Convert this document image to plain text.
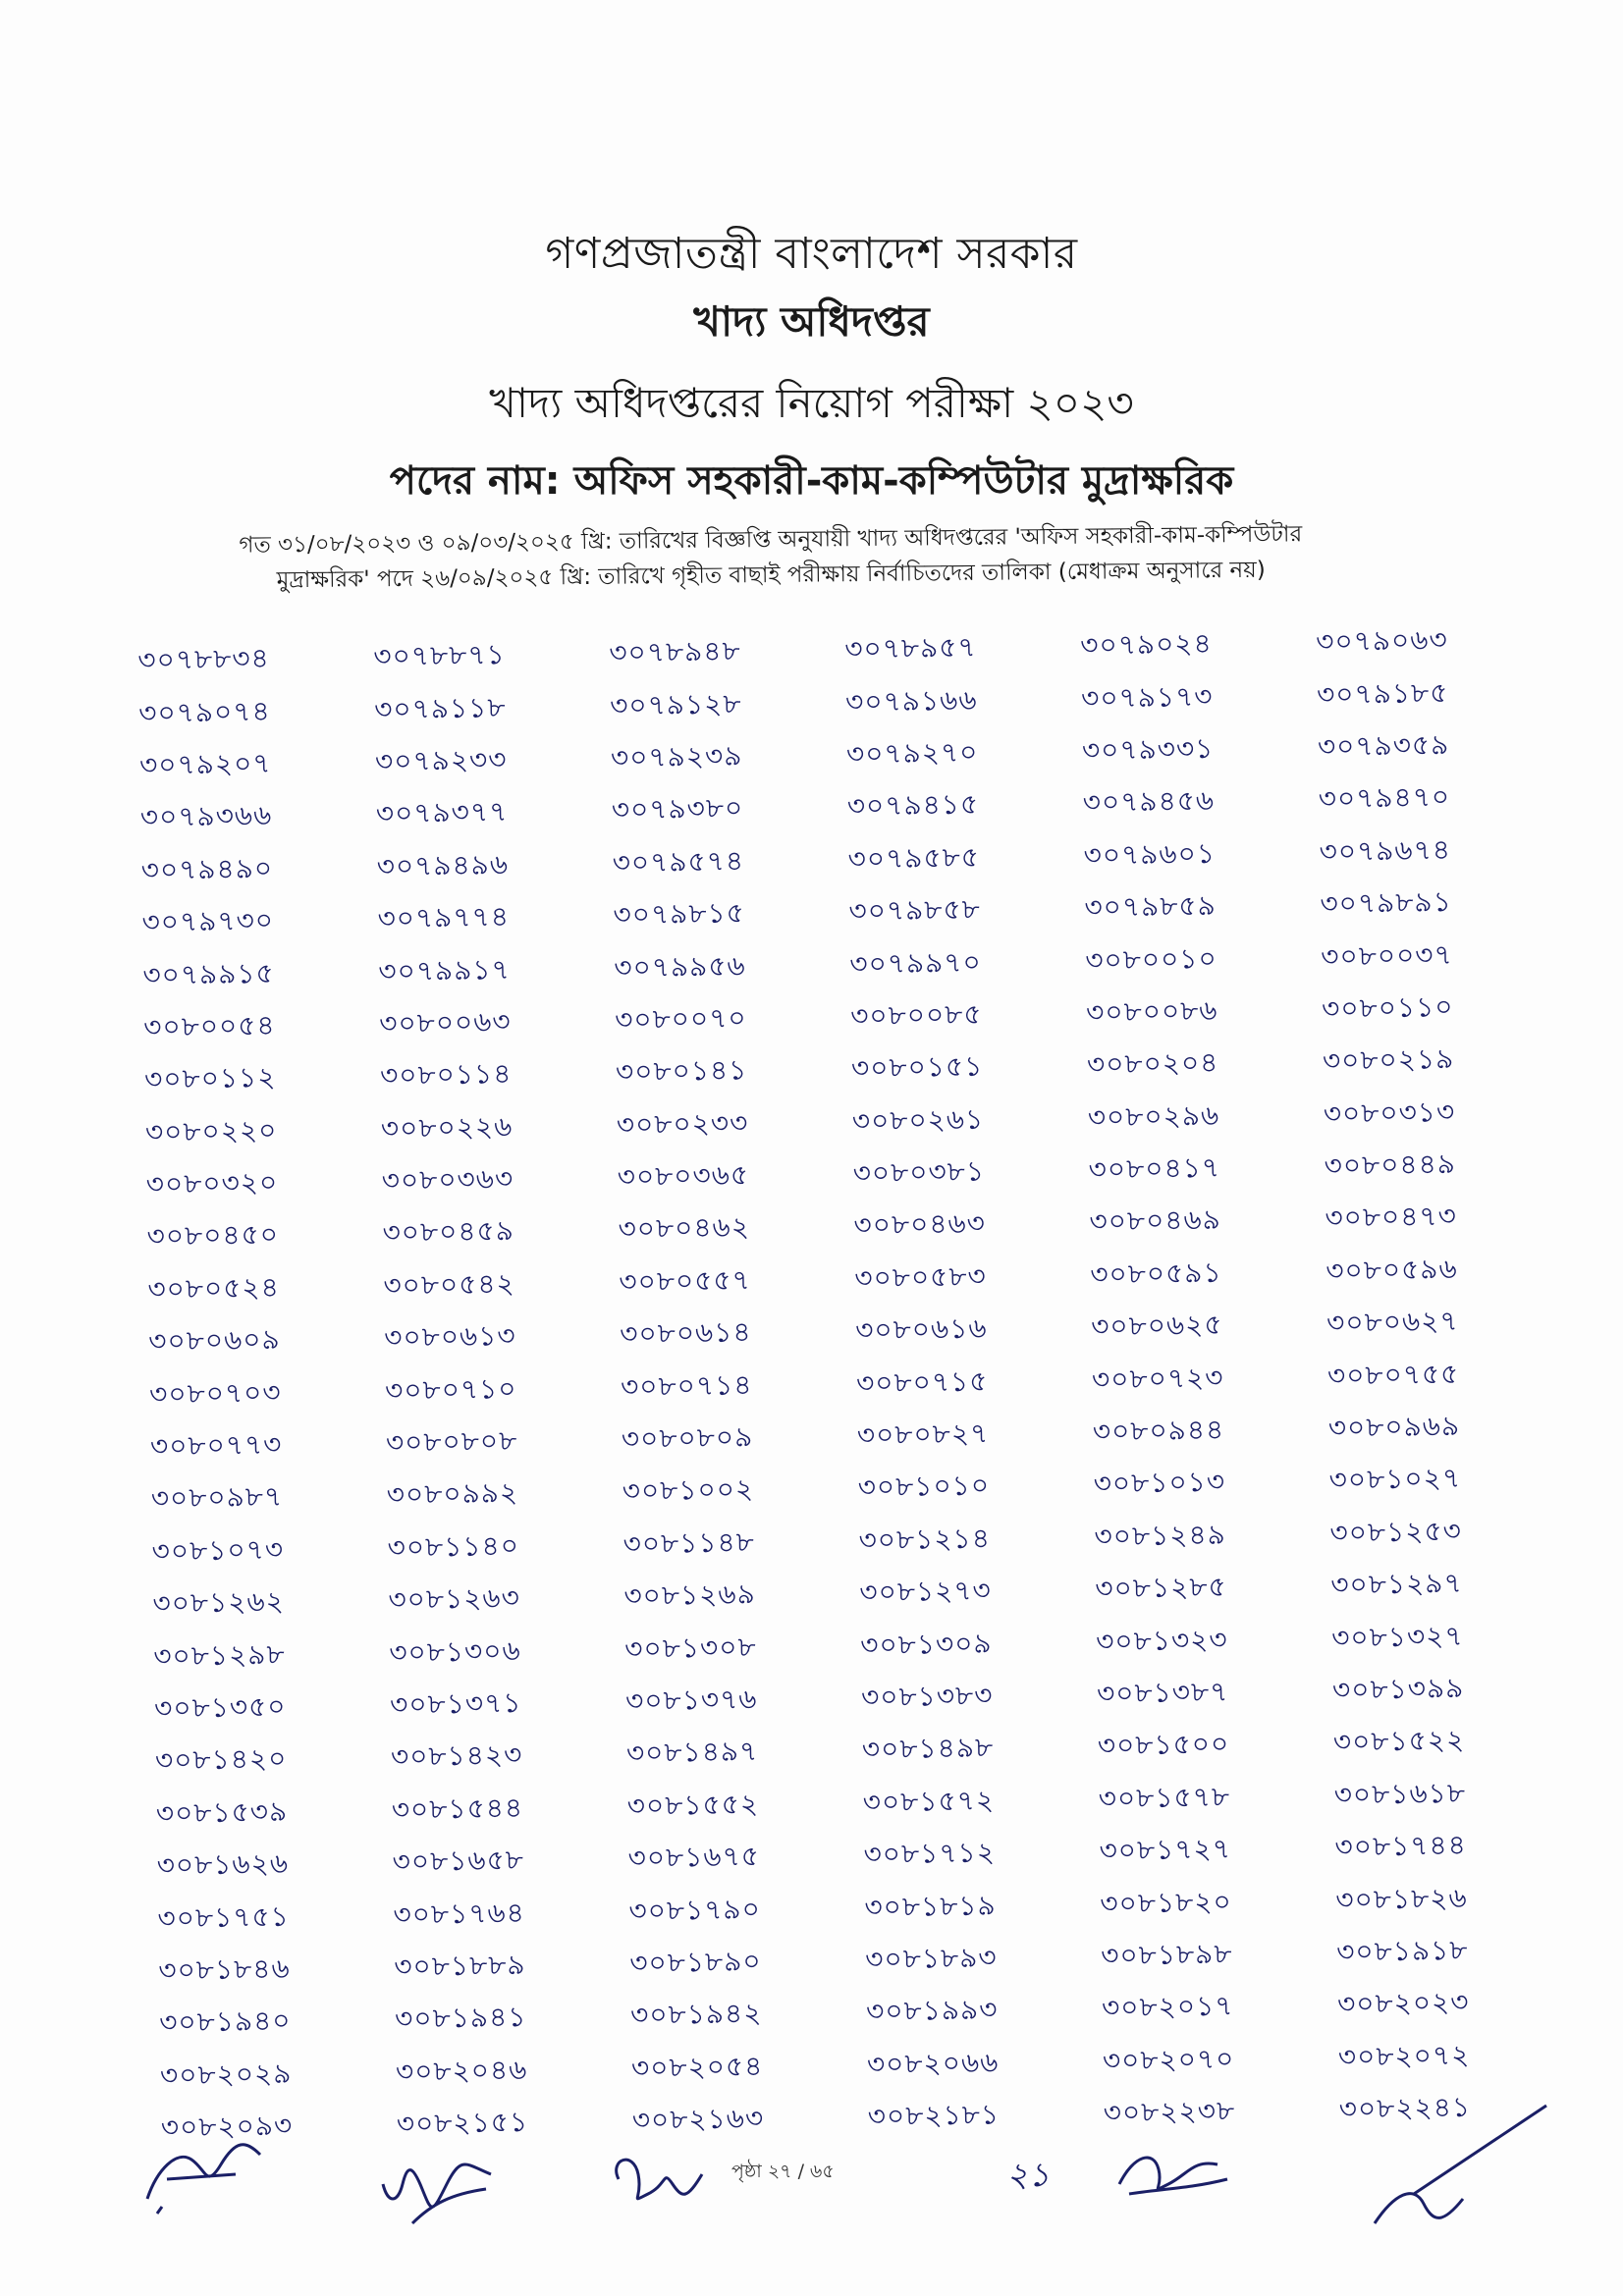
গণপ্রজাতন্ত্রী বাংলাদেশ সরকার
খাদ্য অধিদপ্তর
খাদ্য অধিদপ্তরের নিয়োগ পরীক্ষা ২০২৩
পদের নাম: অফিস সহকারী-কাম-কম্পিউটার মুদ্রাক্ষরিক
গত ৩১/০৮/২০২৩ ও ০৯/০৩/২০২৫ খ্রি: তারিখের বিজ্ঞপ্তি অনুযায়ী খাদ্য অধিদপ্তরের 'অফিস সহকারী-কাম-কম্পিউটার
মুদ্রাক্ষরিক' পদে ২৬/০৯/২০২৫ খ্রি: তারিখে গৃহীত বাছাই পরীক্ষায় নির্বাচিতদের তালিকা (মেধাক্রম অনুসারে নয়)
৩০৭৮৮৩৪	৩০৭৮৮৭১	৩০৭৮৯৪৮	৩০৭৮৯৫৭	৩০৭৯০২৪	৩০৭৯০৬৩
৩০৭৯০৭৪	৩০৭৯১১৮	৩০৭৯১২৮	৩০৭৯১৬৬	৩০৭৯১৭৩	৩০৭৯১৮৫
৩০৭৯২০৭	৩০৭৯২৩৩	৩০৭৯২৩৯	৩০৭৯২৭০	৩০৭৯৩৩১	৩০৭৯৩৫৯
৩০৭৯৩৬৬	৩০৭৯৩৭৭	৩০৭৯৩৮০	৩০৭৯৪১৫	৩০৭৯৪৫৬	৩০৭৯৪৭০
৩০৭৯৪৯০	৩০৭৯৪৯৬	৩০৭৯৫৭৪	৩০৭৯৫৮৫	৩০৭৯৬০১	৩০৭৯৬৭৪
৩০৭৯৭৩০	৩০৭৯৭৭৪	৩০৭৯৮১৫	৩০৭৯৮৫৮	৩০৭৯৮৫৯	৩০৭৯৮৯১
৩০৭৯৯১৫	৩০৭৯৯১৭	৩০৭৯৯৫৬	৩০৭৯৯৭০	৩০৮০০১০	৩০৮০০৩৭
৩০৮০০৫৪	৩০৮০০৬৩	৩০৮০০৭০	৩০৮০০৮৫	৩০৮০০৮৬	৩০৮০১১০
৩০৮০১১২	৩০৮০১১৪	৩০৮০১৪১	৩০৮০১৫১	৩০৮০২০৪	৩০৮০২১৯
৩০৮০২২০	৩০৮০২২৬	৩০৮০২৩৩	৩০৮০২৬১	৩০৮০২৯৬	৩০৮০৩১৩
৩০৮০৩২০	৩০৮০৩৬৩	৩০৮০৩৬৫	৩০৮০৩৮১	৩০৮০৪১৭	৩০৮০৪৪৯
৩০৮০৪৫০	৩০৮০৪৫৯	৩০৮০৪৬২	৩০৮০৪৬৩	৩০৮০৪৬৯	৩০৮০৪৭৩
৩০৮০৫২৪	৩০৮০৫৪২	৩০৮০৫৫৭	৩০৮০৫৮৩	৩০৮০৫৯১	৩০৮০৫৯৬
৩০৮০৬০৯	৩০৮০৬১৩	৩০৮০৬১৪	৩০৮০৬১৬	৩০৮০৬২৫	৩০৮০৬২৭
৩০৮০৭০৩	৩০৮০৭১০	৩০৮০৭১৪	৩০৮০৭১৫	৩০৮০৭২৩	৩০৮০৭৫৫
৩০৮০৭৭৩	৩০৮০৮০৮	৩০৮০৮০৯	৩০৮০৮২৭	৩০৮০৯৪৪	৩০৮০৯৬৯
৩০৮০৯৮৭	৩০৮০৯৯২	৩০৮১০০২	৩০৮১০১০	৩০৮১০১৩	৩০৮১০২৭
৩০৮১০৭৩	৩০৮১১৪০	৩০৮১১৪৮	৩০৮১২১৪	৩০৮১২৪৯	৩০৮১২৫৩
৩০৮১২৬২	৩০৮১২৬৩	৩০৮১২৬৯	৩০৮১২৭৩	৩০৮১২৮৫	৩০৮১২৯৭
৩০৮১২৯৮	৩০৮১৩০৬	৩০৮১৩০৮	৩০৮১৩০৯	৩০৮১৩২৩	৩০৮১৩২৭
৩০৮১৩৫০	৩০৮১৩৭১	৩০৮১৩৭৬	৩০৮১৩৮৩	৩০৮১৩৮৭	৩০৮১৩৯৯
৩০৮১৪২০	৩০৮১৪২৩	৩০৮১৪৯৭	৩০৮১৪৯৮	৩০৮১৫০০	৩০৮১৫২২
৩০৮১৫৩৯	৩০৮১৫৪৪	৩০৮১৫৫২	৩০৮১৫৭২	৩০৮১৫৭৮	৩০৮১৬১৮
৩০৮১৬২৬	৩০৮১৬৫৮	৩০৮১৬৭৫	৩০৮১৭১২	৩০৮১৭২৭	৩০৮১৭৪৪
৩০৮১৭৫১	৩০৮১৭৬৪	৩০৮১৭৯০	৩০৮১৮১৯	৩০৮১৮২০	৩০৮১৮২৬
৩০৮১৮৪৬	৩০৮১৮৮৯	৩০৮১৮৯০	৩০৮১৮৯৩	৩০৮১৮৯৮	৩০৮১৯১৮
৩০৮১৯৪০	৩০৮১৯৪১	৩০৮১৯৪২	৩০৮১৯৯৩	৩০৮২০১৭	৩০৮২০২৩
৩০৮২০২৯	৩০৮২০৪৬	৩০৮২০৫৪	৩০৮২০৬৬	৩০৮২০৭০	৩০৮২০৭২
৩০৮২০৯৩	৩০৮২১৫১	৩০৮২১৬৩	৩০৮২১৮১	৩০৮২২৩৮	৩০৮২২৪১
পৃষ্ঠা ২৭ / ৬৫	২১
